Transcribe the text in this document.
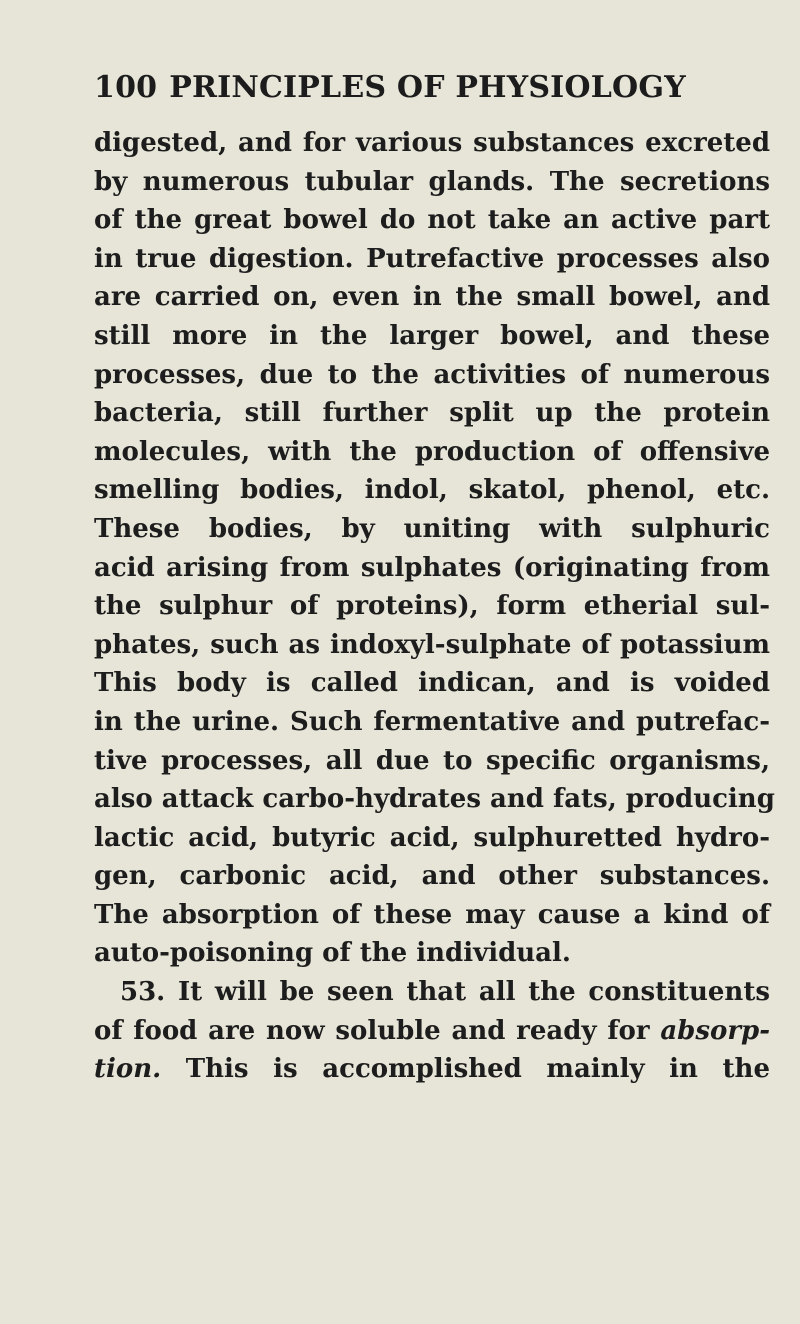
100 PRINCIPLES OF PHYSIOLOGY
digested, and for various substances excreted
by numerous tubular glands. The secretions
of the great bowel do not take an active part
in true digestion. Putrefactive processes also
are carried on, even in the small bowel, and
still more in the larger bowel, and these
processes, due to the activities of numerous
bacteria, still further split up the protein
molecules, with the production of offensive
smelling bodies, indol, skatol, phenol, etc.
These bodies, by uniting with sulphuric
acid arising from sulphates (originating from
the sulphur of proteins), form etherial sul-
phates, such as indoxyl-sulphate of potassium
This body is called indican, and is voided
in the urine. Such fermentative and putrefac-
tive processes, all due to specific organisms,
also attack carbo-hydrates and fats, producing
lactic acid, butyric acid, sulphuretted hydro-
gen, carbonic acid, and other substances.
The absorption of these may cause a kind of
auto-poisoning of the individual.
53. It will be seen that all the constituents
of food are now soluble and ready for absorp-
tion. This is accomplished mainly in the
